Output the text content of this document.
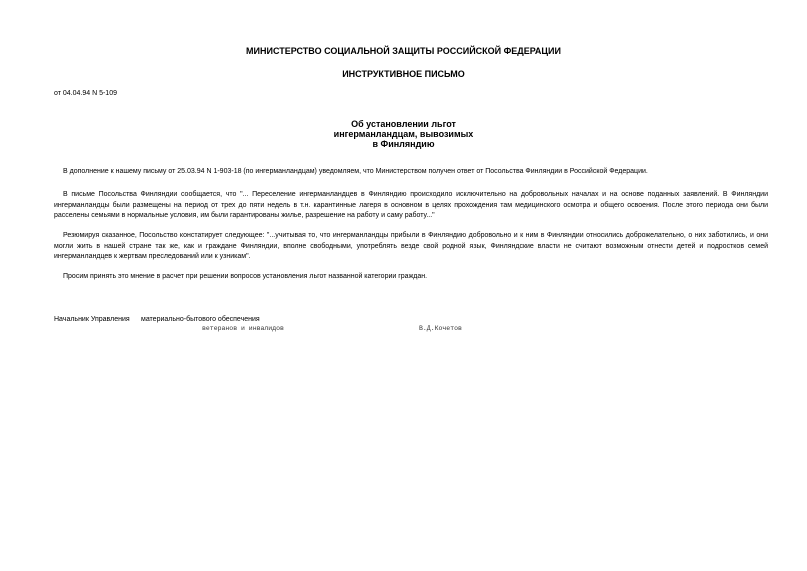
МИНИСТЕРСТВО СОЦИАЛЬНОЙ ЗАЩИТЫ РОССИЙСКОЙ ФЕДЕРАЦИИ
ИНСТРУКТИВНОЕ ПИСЬМО
от 04.04.94 N 5-109
Об установлении льгот
ингерманландцам, вывозимых
в Финляндию

В дополнение к нашему письму от 25.03.94 N 1-903-18 (по ингерманландцам) уведомляем, что Министерством получен ответ от Посольства Финляндии в Российской Федерации.

В письме Посольства Финляндии сообщается, что "... Переселение ингерманландцев в Финляндию происходило исключительно на добровольных началах и на основе поданных заявлений. В Финляндии ингерманландцы были размещены на период от трех до пяти недель в т.н. карантинные лагеря в основном в целях прохождения там медицинского осмотра и общего освоения. После этого периода они были расселены семьями в нормальные условия, им были гарантированы жилье, разрешение на работу и саму работу..."

Резюмируя сказанное, Посольство констатирует следующее: "...учитывая то, что ингерманландцы прибыли в Финляндию добровольно и к ним в Финляндии относились доброжелательно, о них заботились, и они могли жить в нашей стране так же, как и граждане Финляндии, вполне свободными, употреблять везде свой родной язык, Финляндские власти не считают возможным отнести детей и подростков семей ингерманландцев к жертвам преследований или к узникам".

Просим принять это мнение в расчет при решении вопросов установления льгот названной категории граждан.

Начальник Управления материально-бытового обеспечения
ветеранов и инвалидов	В.Д.Кочетов
